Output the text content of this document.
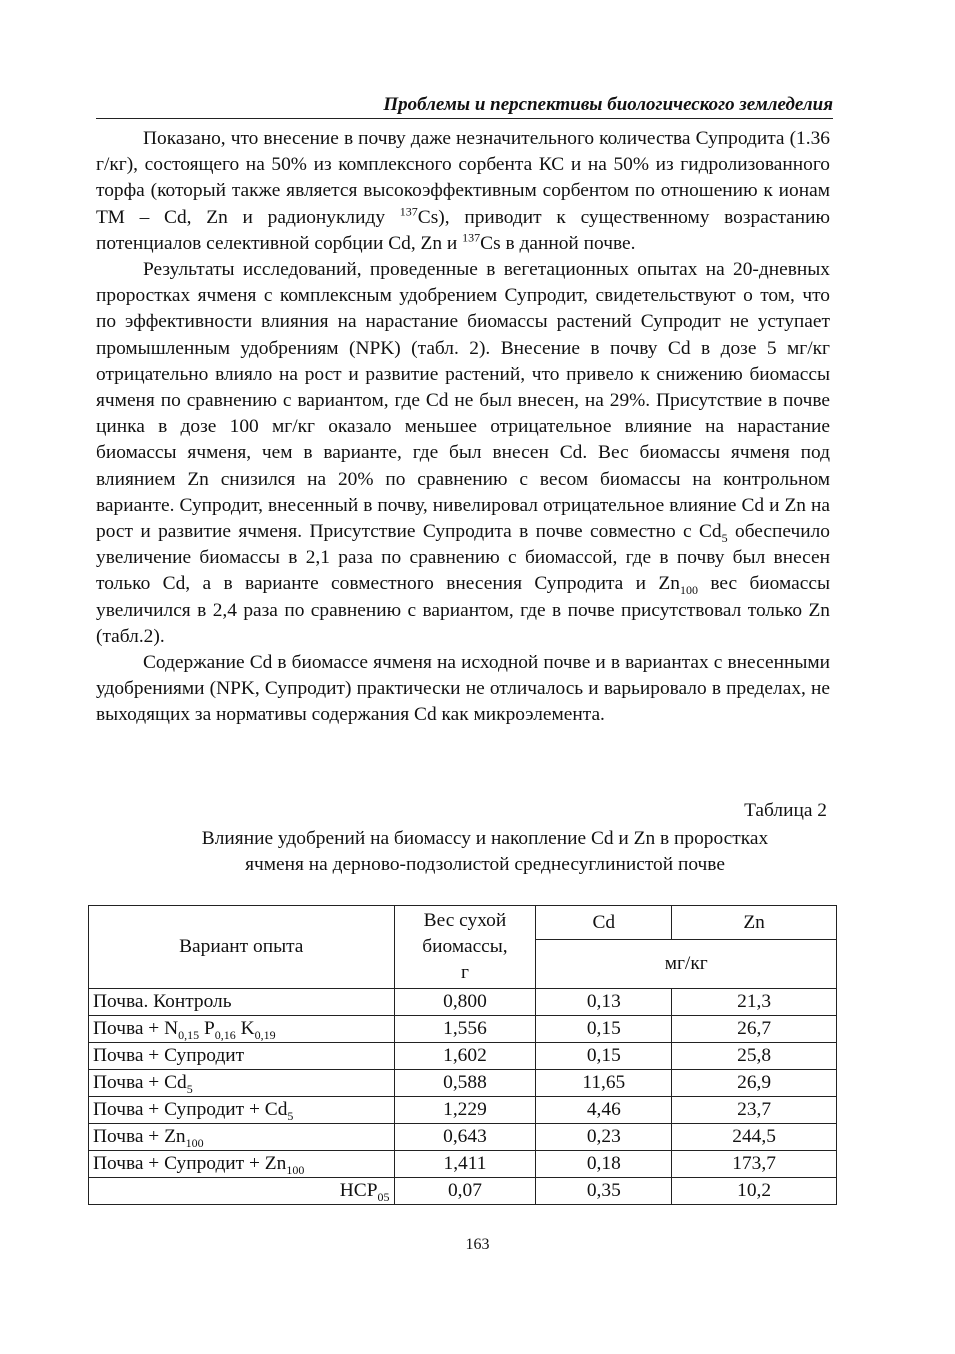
Проблемы и перспективы биологического земледелия

Показано, что внесение в почву даже незначительного количества Супродита (1.36 г/кг), состоящего на 50% из комплексного сорбента КС и на 50% из гидролизованного торфа (который также является высокоэффективным сорбентом по отношению к ионам ТМ – Cd, Zn и радионуклиду $^{137}$Cs), приводит к существенному возрастанию потенциалов селективной сорбции Cd, Zn и $^{137}$Cs в данной почве.

Результаты исследований, проведенные в вегетационных опытах на 20-дневных проростках ячменя с комплексным удобрением Супродит, свидетельствуют о том, что по эффективности влияния на нарастание биомассы растений Супродит не уступает промышленным удобрениям (NPK) (табл. 2). Внесение в почву Cd в дозе 5 мг/кг отрицательно влияло на рост и развитие растений, что привело к снижению биомассы ячменя по сравнению с вариантом, где Cd не был внесен, на 29%. Присутствие в почве цинка в дозе 100 мг/кг оказало меньшее отрицательное влияние на нарастание биомассы ячменя, чем в варианте, где был внесен Cd. Вес биомассы ячменя под влиянием Zn снизился на 20% по сравнению с весом биомассы на контрольном варианте. Супродит, внесенный в почву, нивелировал отрицательное влияние Cd и Zn на рост и развитие ячменя. Присутствие Супродита в почве совместно с $Cd_5$ обеспечило увеличение биомассы в 2,1 раза по сравнению с биомассой, где в почву был внесен только Cd, а в варианте совместного внесения Супродита и $Zn_{100}$ вес биомассы увеличился в 2,4 раза по сравнению с вариантом, где в почве присутствовал только Zn (табл.2).

Содержание Cd в биомассе ячменя на исходной почве и в вариантах с внесенными удобрениями (NPK, Супродит) практически не отличалось и варьировало в пределах, не выходящих за нормативы содержания Cd как микроэлемента.

Таблица 2
Влияние удобрений на биомассу и накопление Cd и Zn в проростках
ячменя на дерново-подзолистой среднесуглинистой почве
Вариант опыта	Вес сухой
биомассы,
г	Cd	Zn
		мг/кг	
Почва. Контроль	0,800	0,13	21,3
Почва + $N_{0,15}$ $P_{0,16}$ $K_{0,19}$	1,556	0,15	26,7
Почва + Супродит	1,602	0,15	25,8
Почва + $Cd_5$	0,588	11,65	26,9
Почва + Супродит + $Cd_5$	1,229	4,46	23,7
Почва + $Zn_{100}$	0,643	0,23	244,5
Почва + Супродит + $Zn_{100}$	1,411	0,18	173,7
$НСР_{05}$	0,07	0,35	10,2
163
